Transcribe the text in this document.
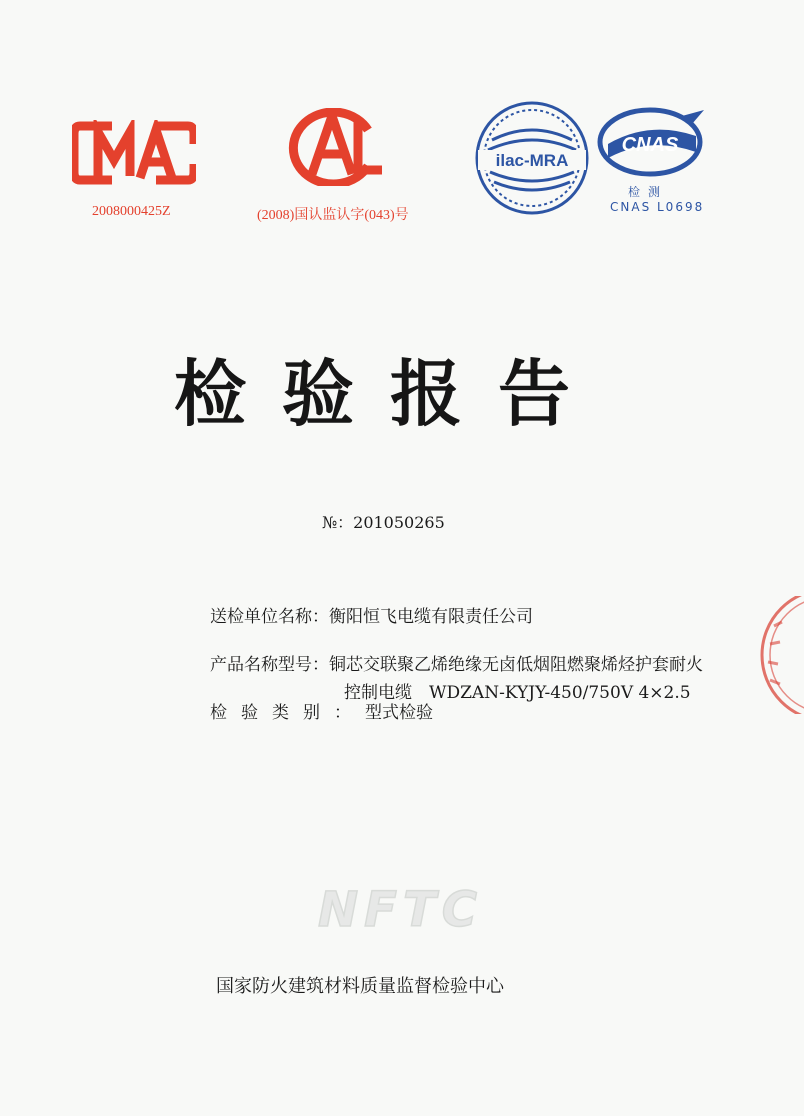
2008000425Z	(2008)国认监认字(043)号
ilac-MRA
CNAS
检测
CNAS L0698
检验报告
№：201050265
送检单位名称：衡阳恒飞电缆有限责任公司
产品名称型号：铜芯交联聚乙烯绝缘无卤低烟阻燃聚烯烃护套耐火
控制电缆　WDZAN-KYJY-450/750V 4×2.5
检验类别：型式检验
NFTC
国家防火建筑材料质量监督检验中心
